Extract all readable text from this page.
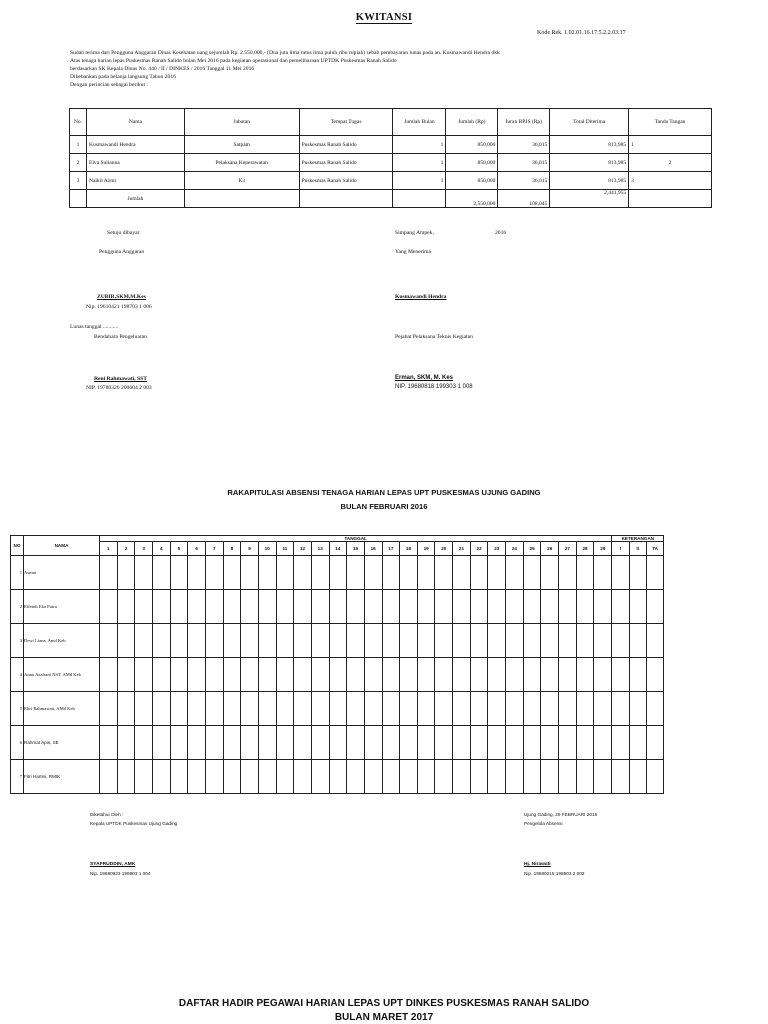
KWITANSI
Kode Rek. 1.02.01.16.17.5.2.2.03.17
Sudah terima dari Pengguna Anggaran Dinas Kesehatan uang sejumlah Rp. 2.550.000,- (Dua juta lima ratus lima puluh ribu rupiah) sebab pembayaran lunas pada an. Kusmawandi Hendra dkk
Atas tenaga harian lepas Puskesmas Ranah Salido bulan Mei 2016 pada kegiatan operasional dan pemeliharaan UPTDK Puskesmas Ranah Salido
berdasarkan SK Kepala Dinas No. 440 / II / DINKES / 2016 Tanggal 11 Mei 2016
Dibebankan pada belanja langsung Tahun 2016
Dengan perincian sebagai berikut :
No.	Nama	Jabatan	Tempat Tugas	Jumlah Bulan	Jumlah (Rp)	Iuran BPJS (Rp)	Total Diterima	Tanda Tangan
1	Kusmawandi Hendra	Satpam	Puskesmas Ranah Salido	1	850,000	36,015	813,985	1
2	Elva Sulianna	Pelaksana Keperawatan	Puskesmas Ranah Salido	1	850,000	36,015	813,985	2
3	Naikil Azmi	K3	Puskesmas Ranah Salido	1	850,000	36,015	813,985	3
	Jumlah				2,550,000	108,045	2,441,955	
Setuju dibayar
Pengguna Anggaran
Simpang Ampek,	2016
Yang Menerima
ZUBIR,SKM,M.Kes
Nip. 19610421 198703 1 006
Kusmawandi Hendra
Lunas tanggal ...........
Bendahara Pengeluaran	Pejabat Pelaksana Teknis Kegiatan
Reni Rahmawati, SST
NIP. 19780326 200604 2 003
Erman, SKM, M. Kes
NIP. 19680818 199303 1 008
RAKAPITULASI ABSENSI TENAGA HARIAN LEPAS UPT PUSKESMAS UJUNG GADING
BULAN FEBRUARI 2016
NO	NAMA	TANGGAL																													KETERANGAN		
		1	2	3	4	5	6	7	8	9	10	11	12	13	14	15	16	17	18	19	20	21	22	23	24	25	26	27	28	29	I	S	TA
1	Asmni																																
2	Effendi Eka Putra																																
3	Dewi Liana, Amd Keb																																
4	Annu Azalrani NST, AMd Keb																																
5	Eltri Rahmawati, AMd Keb																																
6	Rahmat Apis, SE																																
7	Fitri Hartini, RMIK																																
Diketahui Oleh :
Kepala UPTDK Puskesmas Ujung Gading
Ujung Gading, 29 FEBRUARI 2016
Pengelola Absensi
SYAFRUDDIN, AMK
Nip. 19680923 199803 1 004
Hj. Nirawati
Nip. 19580215 198503 2 002
DAFTAR HADIR PEGAWAI HARIAN LEPAS UPT DINKES PUSKESMAS RANAH SALIDO
BULAN MARET 2017
